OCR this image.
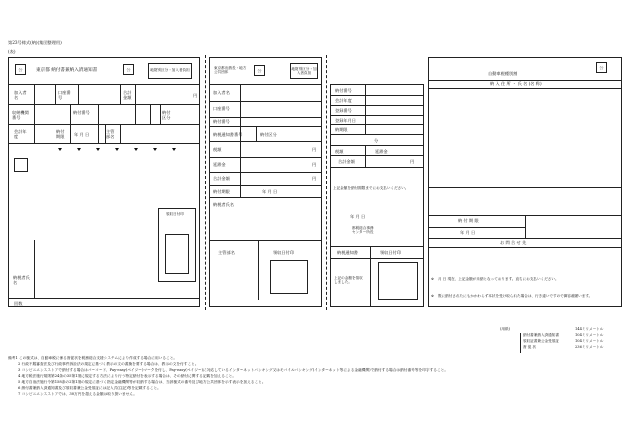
第23号様式(納)(集団整理用)
(表)
公	東京都 納付書兼納入済通知書	公	地財別区分・加入者負担
加入者名
口座番号
合計金額	円
収納機関番号
納付番号	納付区分
会計年度
納付期限	年 月 日
主管部名
納税者氏名
回数
領収日付印
東京都出納長・地方公共団体	公	地財別区分・加入者負担
加入者名
口座番号
納付番号
納税通知書番号	納付区分
税額	円
延滞金	円
合計金額	円
納付期限	年 月 日
納税者氏名
主管部名	領収日付印
納付番号
会計年度
登録番号
登録年月日
納期限
分
税額	延滞金
合計金額	円
上記金額を納付期限までにお支払いください。
年 月 日
都税総合事務センター所長
納税通知書	領収日付印
上記の金額を領収しました。
公
自動車税種別割
納 入 住 所 ・ 氏 名 (名 称)
納 付 期 限
年 月 日
お 問 合 せ 先
※ 月 日 現在、上記金額が未納となっております。直ちにお支払いください。
※ 既に納付されたにもかかわらず本状を受け取られた場合は、行き違いですので御容赦願います。
(用紙)	144ミリメートル
納付書兼納入済通知書	104ミリメートル
領収証書兼公金受領証	104ミリメートル
督 促 状	236ミリメートル
備考1 この様式は、自動車税に係る督促状を税務総合支援システムにより作成する場合に用いること。
2 行政不服審査法及び行政事件訴訟法の規定に基づく教示の文の書換を要する場合は、教示の文を付すこと。
3 コンビニエンスストアで納付する場合はバーコード、Pay-easy(ペイジー)マークを付し、Pay-easy(ペイジー)に対応しているインターネットバンキング又はモバイルバンキング(インターネット等による金融機関)で納付する場合は納付番号等を印字すること。
4 地方税法施行規則第24条の35第1項に規定する方法により行う特定納付を表示する場合は、その納付に関する記載を加えること。
5 地方自治法施行令第158条の2第1項の規定に基づく指定金融機関等が収納する場合は、当該様式の番号及び地方公共団体を示す表示を加えること。
6 納付書兼納入済通知書及び領収書兼公金受領証には記入式(注記)等を記載すること。
7 コンビニエンスストアでは、30万円を超える金額は取り扱いません。
